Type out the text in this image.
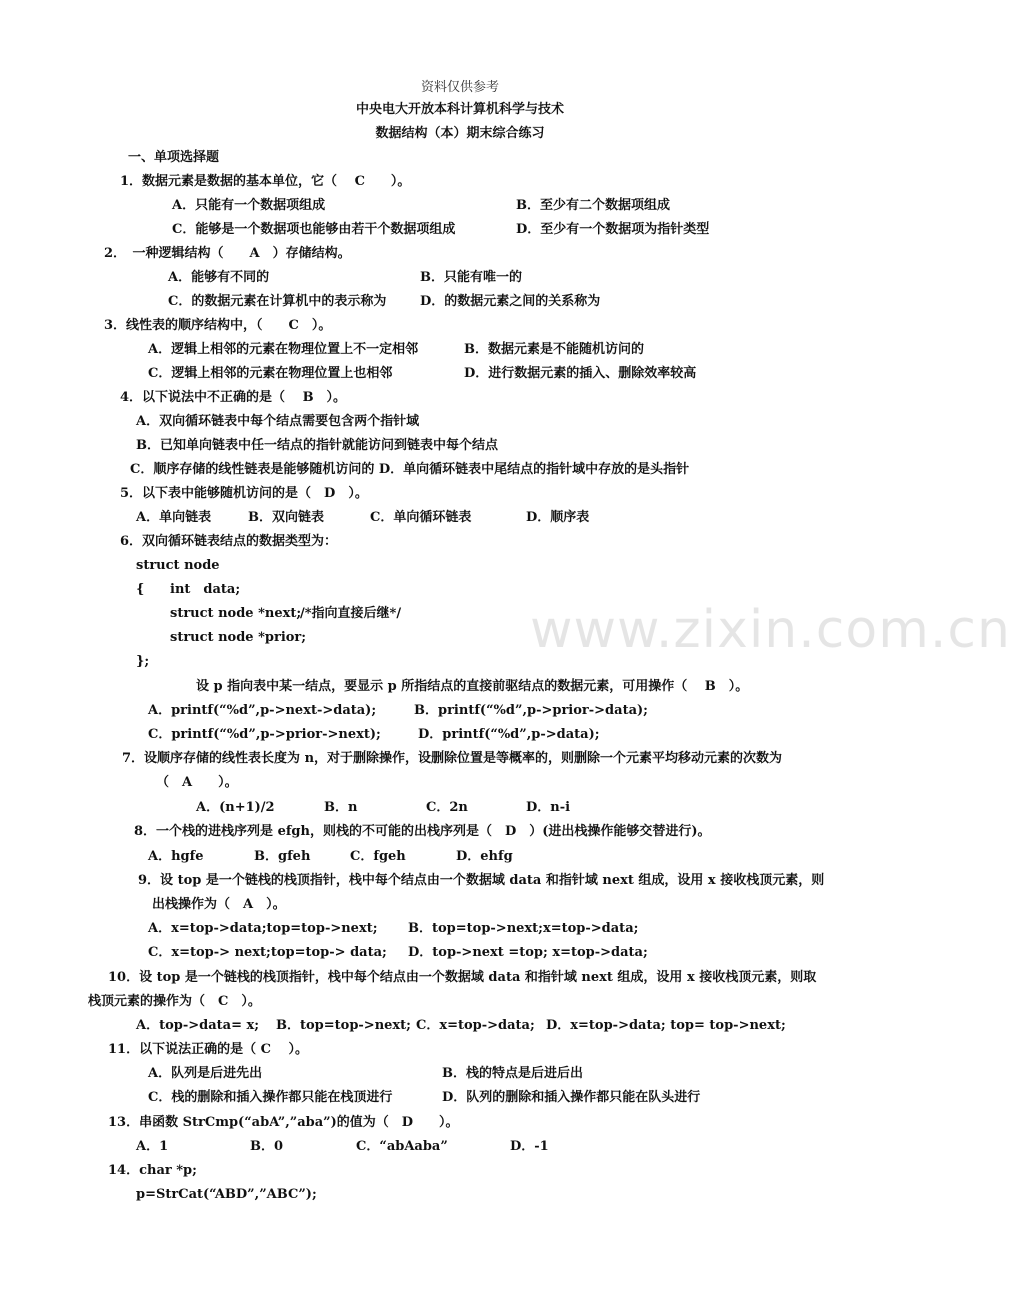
资料仅供参考
中央电大开放本科计算机科学与技术
数据结构（本）期末综合练习
www.zixin.com.cn
一、单项选择题
1．数据元素是数据的基本单位，它（　 C　　）。
A．只能有一个数据项组成	B．至少有二个数据项组成
C．能够是一个数据项也能够由若干个数据项组成	D．至少有一个数据项为指针类型
2．　一种逻辑结构（　　A　）存储结构。
A．能够有不同的	B．只能有唯一的
C．的数据元素在计算机中的表示称为	D．的数据元素之间的关系称为
3．线性表的顺序结构中，（　　C　）。
A．逻辑上相邻的元素在物理位置上不一定相邻	B．数据元素是不能随机访问的
C．逻辑上相邻的元素在物理位置上也相邻	D．进行数据元素的插入、删除效率较高
4．以下说法中不正确的是（　 B　）。
A．双向循环链表中每个结点需要包含两个指针域
B．已知单向链表中任一结点的指针就能访问到链表中每个结点
C．顺序存储的线性链表是能够随机访问的 D．单向循环链表中尾结点的指针域中存放的是头指针
5．以下表中能够随机访问的是（　D　）。
A．单向链表	B．双向链表	C．单向循环链表	D．顺序表
6．双向循环链表结点的数据类型为：
struct node
{ int　data;
struct node *next;
/*指向直接后继*/
struct node *prior;
};
设 p 指向表中某一结点，要显示 p 所指结点的直接前驱结点的数据元素，可用操作（　 B　）。
A．printf(“%d”,p->next->data);	B．printf(“%d”,p->prior->data);
C．printf(“%d”,p->prior->next);	D．printf(“%d”,p->data);
7．设顺序存储的线性表长度为 n，对于删除操作，设删除位置是等概率的，则删除一个元素平均移动元素的次数为
（　A　　）。
A．(n+1)/2	B．n	C．2n	D．n-i
8．一个栈的进栈序列是 efgh，则栈的不可能的出栈序列是（　D　）(进出栈操作能够交替进行)。
A．hgfe	B．gfeh	C．fgeh	D．ehfg
9．设 top 是一个链栈的栈顶指针，栈中每个结点由一个数据域 data 和指针域 next 组成，设用 x 接收栈顶元素，则
出栈操作为（　A　）。
A．x=top->data;top=top->next; B．top=top->next;x=top->data;
C．x=top-> next;top=top-> data; D．top->next =top; x=top->data;
10．设 top 是一个链栈的栈顶指针，栈中每个结点由一个数据域 data 和指针域 next 组成，设用 x 接收栈顶元素，则取
栈顶元素的操作为（　C　）。
A．top->data= x; B．top=top->next; C．x=top->data; D．x=top->data; top= top->next;
11．以下说法正确的是（ C　 ）。
A．队列是后进先出	B．栈的特点是后进后出
C．栈的删除和插入操作都只能在栈顶进行	D．队列的删除和插入操作都只能在队头进行
13．串函数 StrCmp(“abA”,”aba”)的值为（　D　　）。
A．1	B．0	C．“abAaba”	D．-1
14．char *p;
p=StrCat(“ABD”,”ABC”);
